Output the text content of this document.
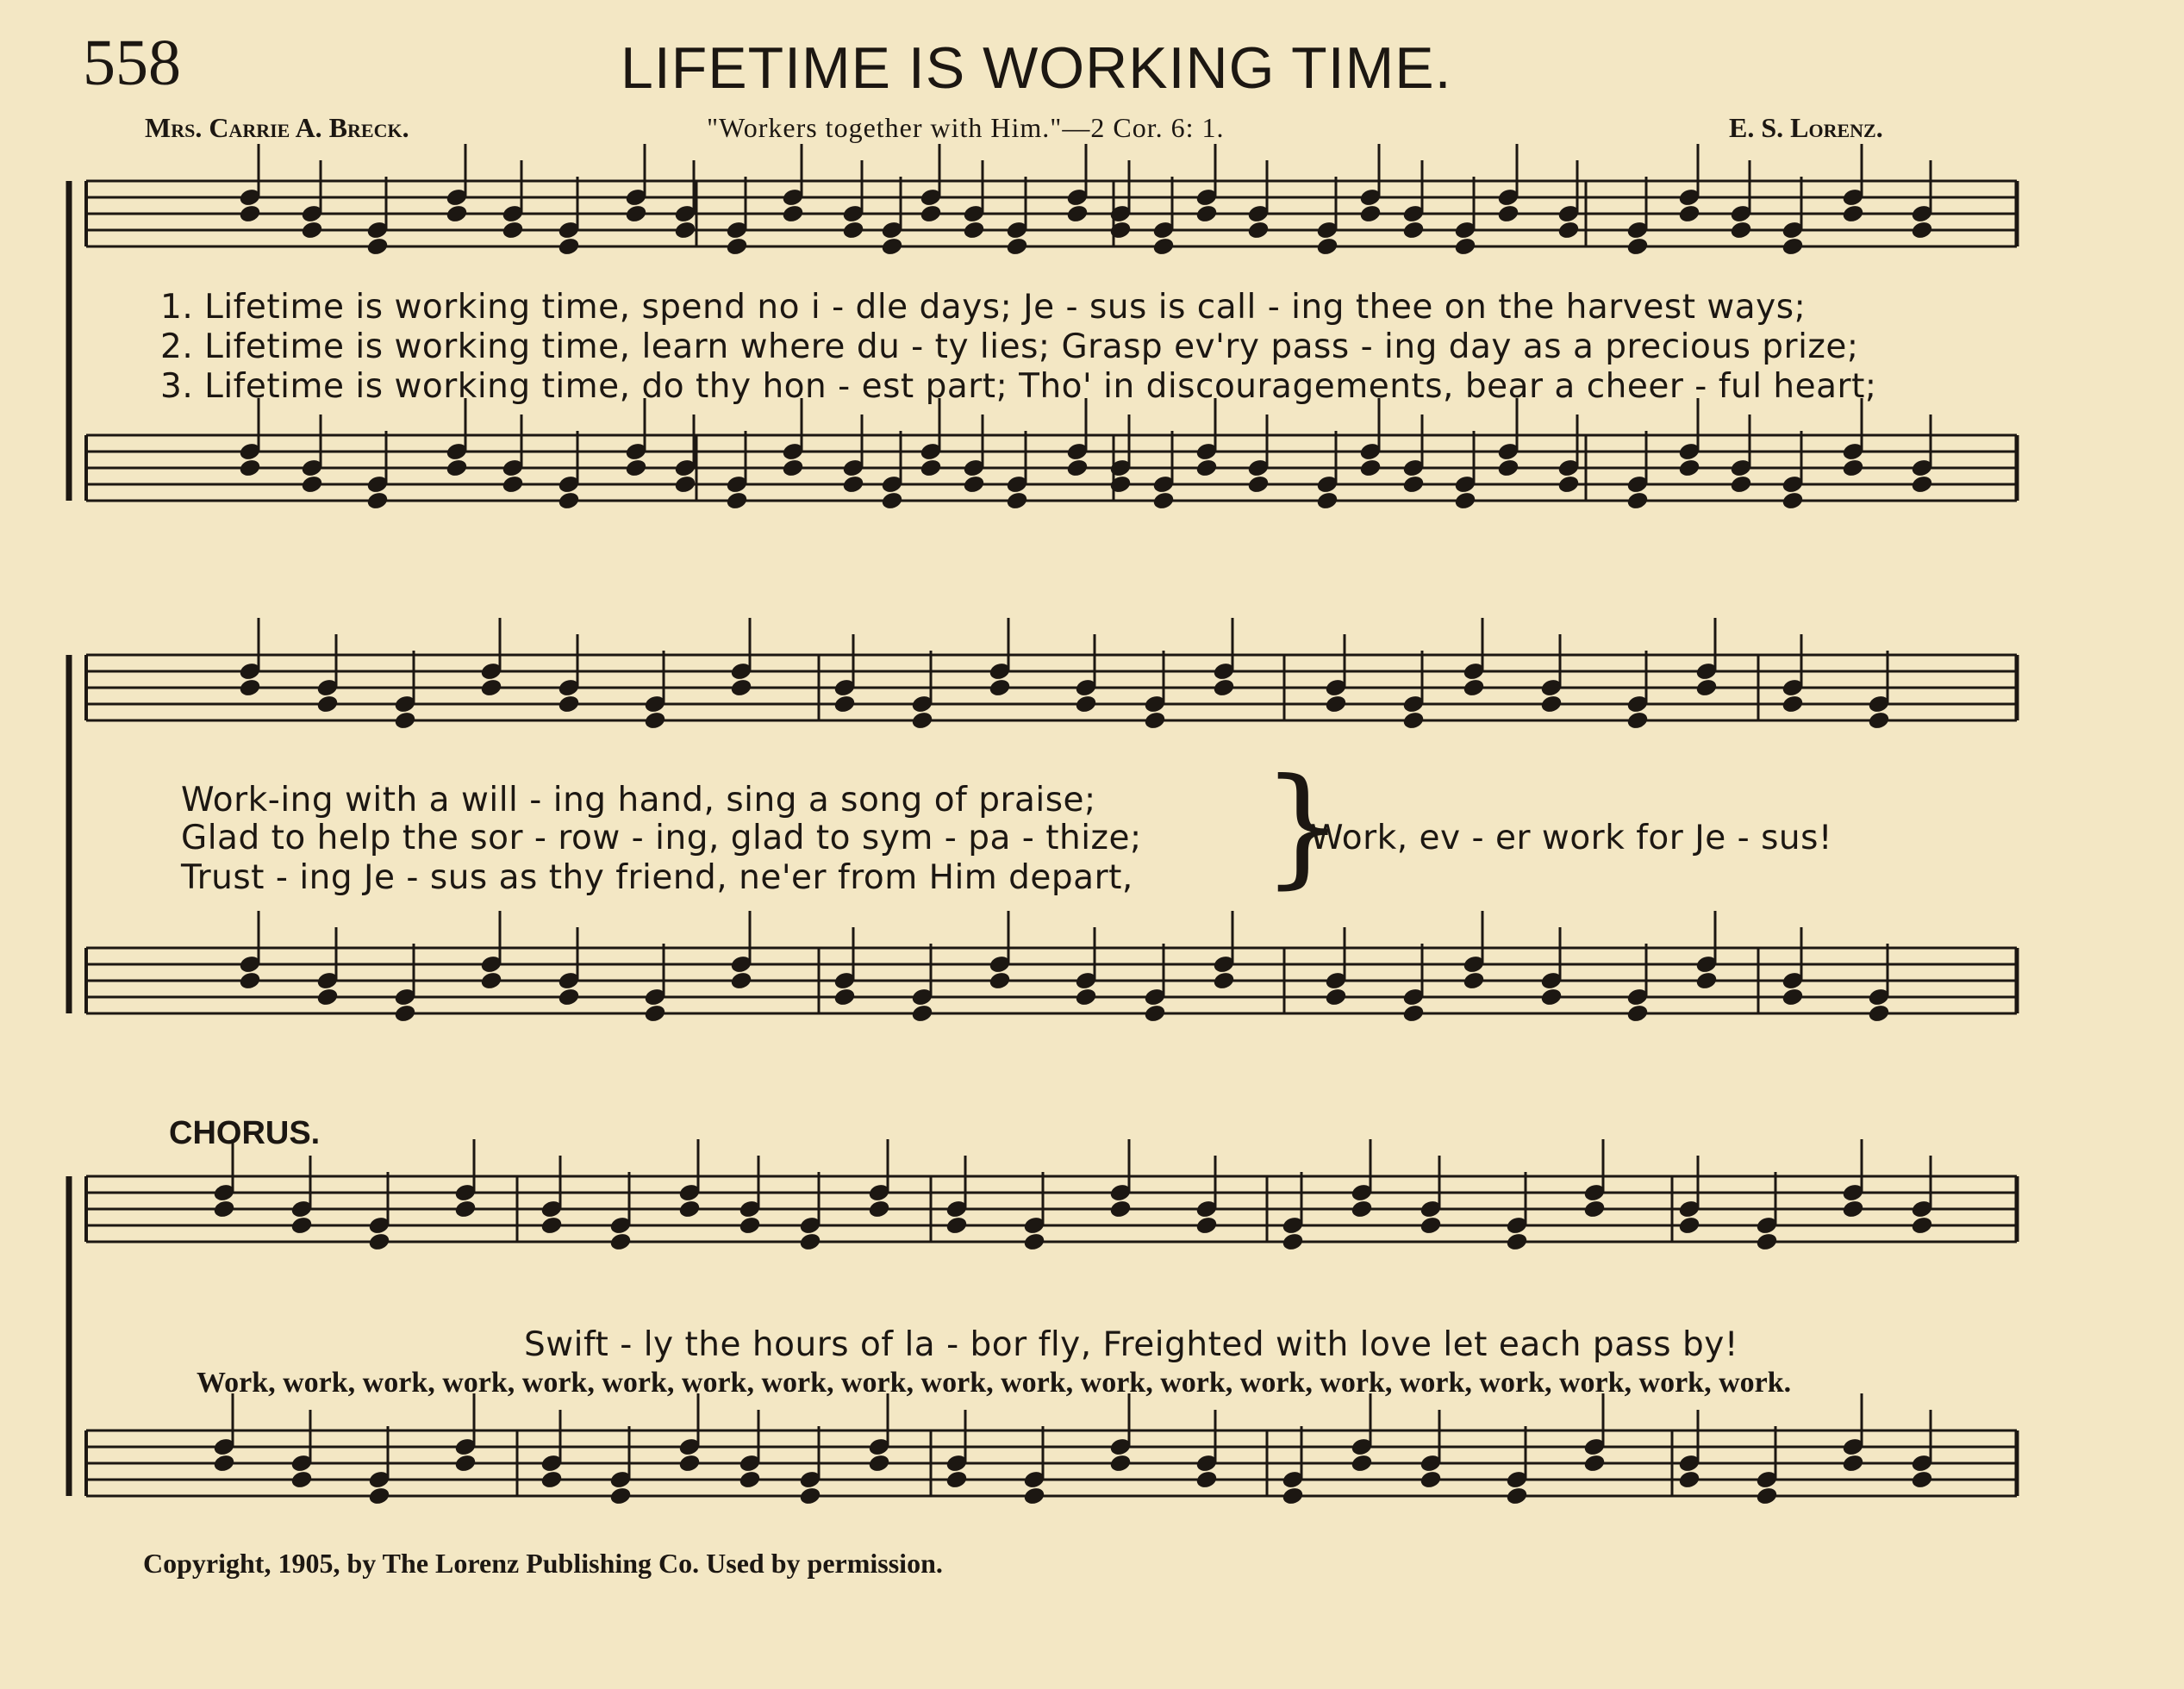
558	LIFETIME IS WORKING TIME.
Mrs. Carrie A. Breck.	"Workers together with Him."—2 Cor. 6: 1.	E. S. Lorenz.
1. Lifetime is working time, spend no i - dle days; Je - sus is call - ing thee on the harvest ways;
2. Lifetime is working time, learn where du - ty lies; Grasp ev'ry pass - ing day as a precious prize;
3. Lifetime is working time, do thy hon - est part; Tho' in discouragements, bear a cheer - ful heart;
Work-ing with a will - ing hand, sing a song of praise;
Glad to help the sor - row - ing, glad to sym - pa - thize;
Trust - ing Je - sus as thy friend, ne'er from Him depart, }
Work, ev - er work for Je - sus!
CHORUS.
Swift - ly the hours of la - bor fly, Freighted with love let each pass by!
Work, work, work, work, work, work, work, work, work, work, work, work, work, work, work, work, work, work, work, work.
Copyright, 1905, by The Lorenz Publishing Co. Used by permission.
